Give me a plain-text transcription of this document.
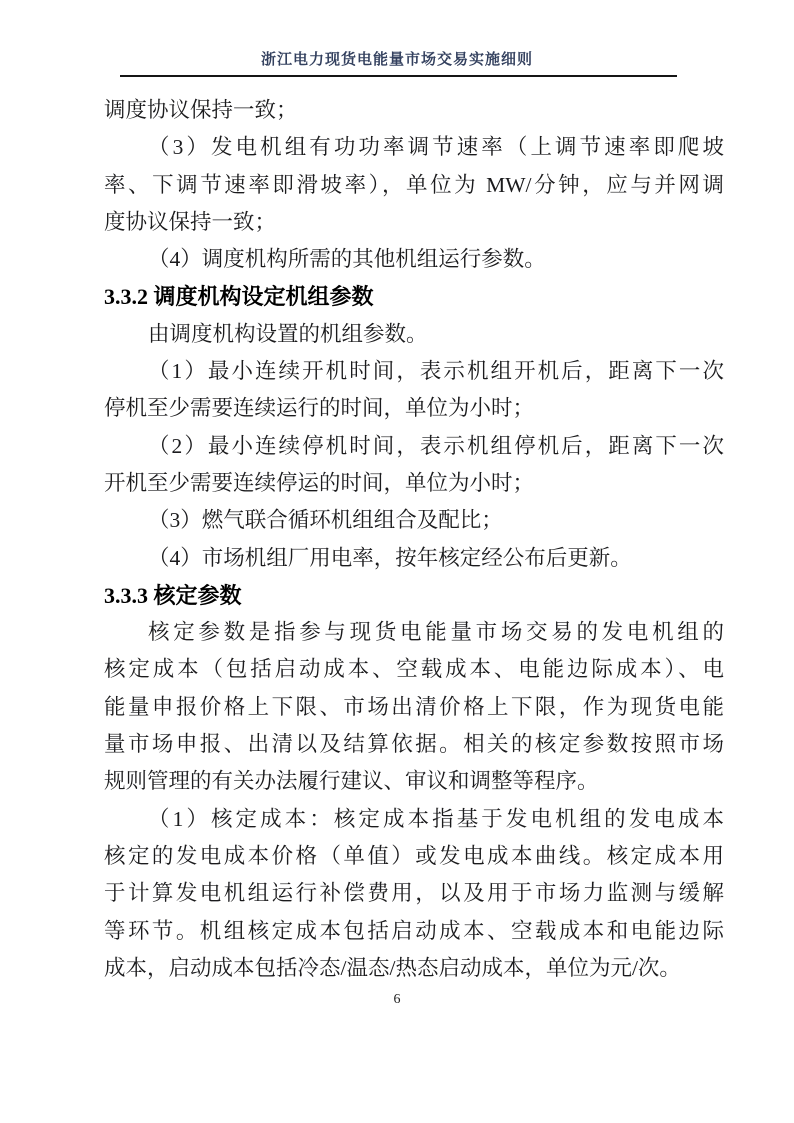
浙江电力现货电能量市场交易实施细则
调度协议保持一致；
（3）发电机组有功功率调节速率（上调节速率即爬坡
率、下调节速率即滑坡率），单位为 MW/分钟，应与并网调
度协议保持一致；
（4）调度机构所需的其他机组运行参数。
3.3.2 调度机构设定机组参数
由调度机构设置的机组参数。
（1）最小连续开机时间，表示机组开机后，距离下一次
停机至少需要连续运行的时间，单位为小时；
（2）最小连续停机时间，表示机组停机后，距离下一次
开机至少需要连续停运的时间，单位为小时；
（3）燃气联合循环机组组合及配比；
（4）市场机组厂用电率，按年核定经公布后更新。
3.3.3 核定参数
核定参数是指参与现货电能量市场交易的发电机组的
核定成本（包括启动成本、空载成本、电能边际成本）、电
能量申报价格上下限、市场出清价格上下限，作为现货电能
量市场申报、出清以及结算依据。相关的核定参数按照市场
规则管理的有关办法履行建议、审议和调整等程序。
（1）核定成本：核定成本指基于发电机组的发电成本
核定的发电成本价格（单值）或发电成本曲线。核定成本用
于计算发电机组运行补偿费用，以及用于市场力监测与缓解
等环节。机组核定成本包括启动成本、空载成本和电能边际
成本，启动成本包括冷态/温态/热态启动成本，单位为元/次。
6
